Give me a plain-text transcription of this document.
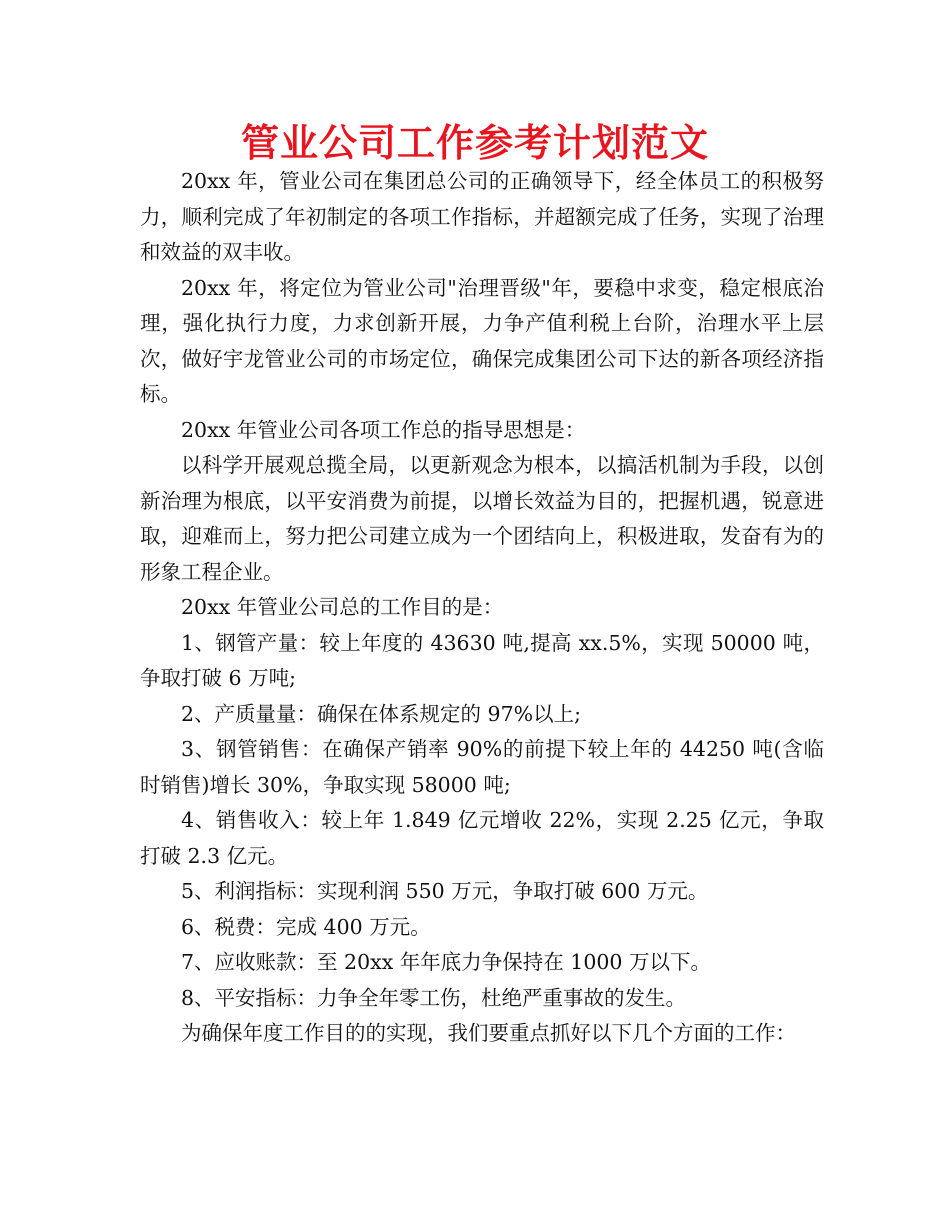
管业公司工作参考计划范文

20xx 年，管业公司在集团总公司的正确领导下，经全体员工的积极努力，顺利完成了年初制定的各项工作指标，并超额完成了任务，实现了治理和效益的双丰收。

20xx 年，将定位为管业公司"治理晋级"年，要稳中求变，稳定根底治理，强化执行力度，力求创新开展，力争产值利税上台阶，治理水平上层次，做好宇龙管业公司的市场定位，确保完成集团公司下达的新各项经济指标。

20xx 年管业公司各项工作总的指导思想是：

以科学开展观总揽全局，以更新观念为根本，以搞活机制为手段，以创新治理为根底，以平安消费为前提，以增长效益为目的，把握机遇，锐意进取，迎难而上，努力把公司建立成为一个团结向上，积极进取，发奋有为的形象工程企业。

20xx 年管业公司总的工作目的是：

1、钢管产量：较上年度的 43630 吨,提高 xx.5%，实现 50000 吨，争取打破 6 万吨;

2、产质量量：确保在体系规定的 97%以上;

3、钢管销售：在确保产销率 90%的前提下较上年的 44250 吨(含临时销售)增长 30%，争取实现 58000 吨;

4、销售收入：较上年 1.849 亿元增收 22%，实现 2.25 亿元，争取打破 2.3 亿元。

5、利润指标：实现利润 550 万元，争取打破 600 万元。

6、税费：完成 400 万元。

7、应收账款：至 20xx 年年底力争保持在 1000 万以下。

8、平安指标：力争全年零工伤，杜绝严重事故的发生。

为确保年度工作目的的实现，我们要重点抓好以下几个方面的工作：
